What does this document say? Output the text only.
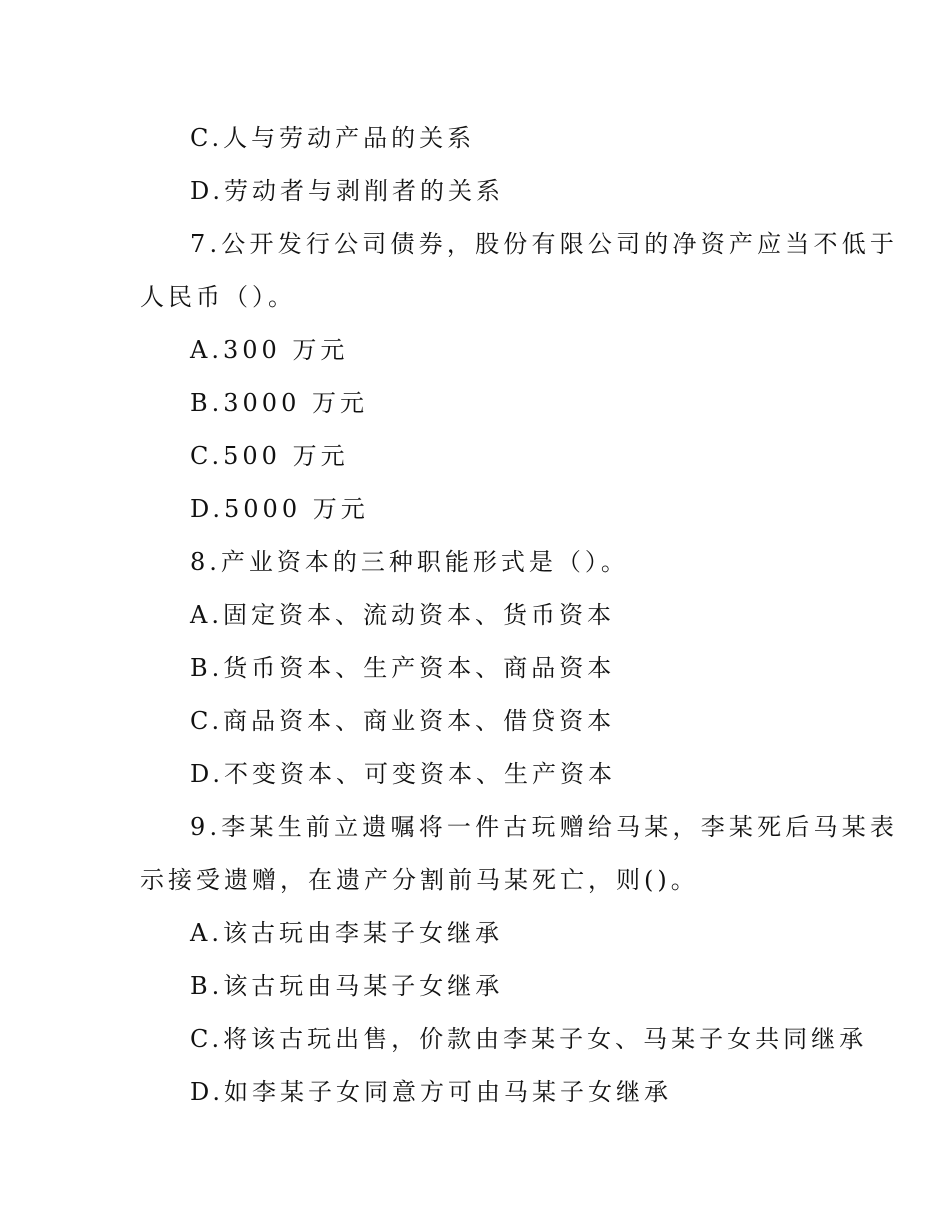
C.人与劳动产品的关系
D.劳动者与剥削者的关系
7.公开发行公司债券，股份有限公司的净资产应当不低于
人民币（）。
A.300 万元
B.3000 万元
C.500 万元
D.5000 万元
8.产业资本的三种职能形式是（）。
A.固定资本、流动资本、货币资本
B.货币资本、生产资本、商品资本
C.商品资本、商业资本、借贷资本
D.不变资本、可变资本、生产资本
9.李某生前立遗嘱将一件古玩赠给马某，李某死后马某表
示接受遗赠，在遗产分割前马某死亡，则()。
A.该古玩由李某子女继承
B.该古玩由马某子女继承
C.将该古玩出售，价款由李某子女、马某子女共同继承
D.如李某子女同意方可由马某子女继承
